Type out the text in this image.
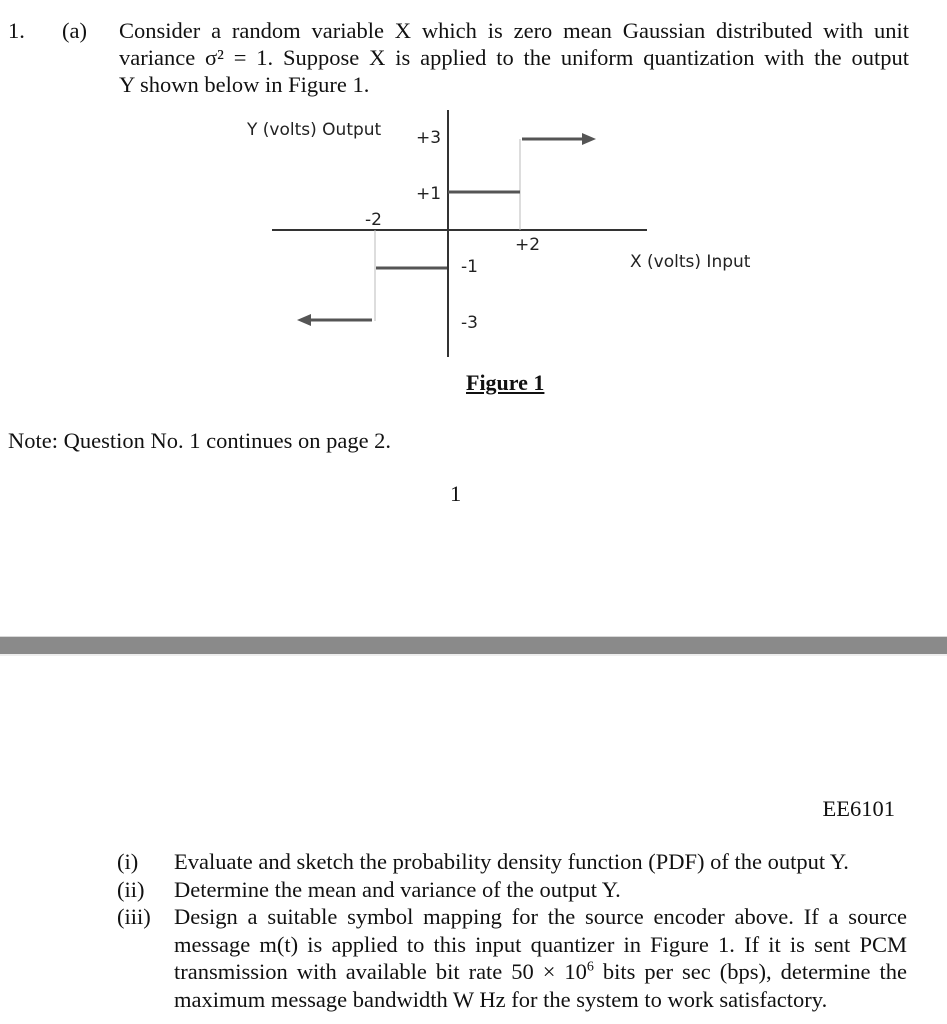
1. (a) Consider a random variable X which is zero mean Gaussian distributed with unit
variance σ² = 1. Suppose X is applied to the uniform quantization with the output
Y shown below in Figure 1.
Y (volts) Output +3
+1
-1
-3
-2
+2
X (volts) Input
Figure 1
Note: Question No. 1 continues on page 2.
1
EE6101
(i)	Evaluate and sketch the probability density function (PDF) of the output Y.
(ii)	Determine the mean and variance of the output Y.
(iii)	Design a suitable symbol mapping for the source encoder above. If a source message m(t) is applied to this input quantizer in Figure 1. If it is sent PCM transmission with available bit rate $50 \times 10^6$ bits per sec (bps), determine the maximum message bandwidth W Hz for the system to work satisfactory.
